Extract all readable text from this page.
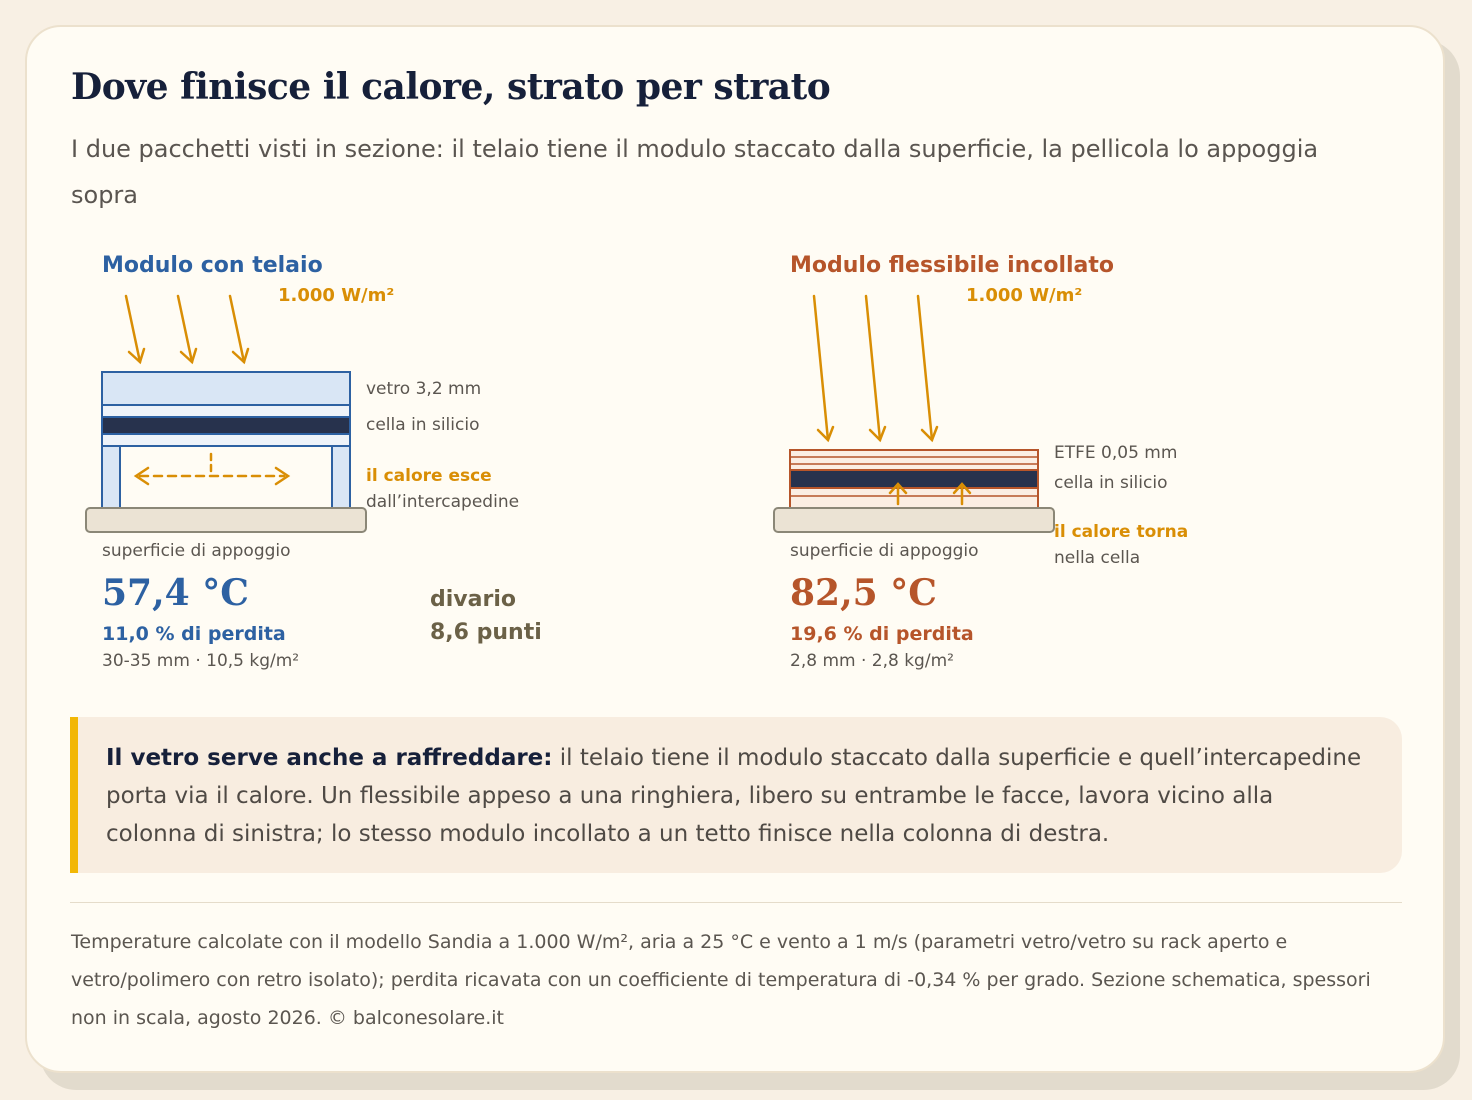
Dove finisce il calore, strato per strato

I due pacchetti visti in sezione: il telaio tiene il modulo staccato dalla superficie, la pellicola lo appoggia sopra

Modulo con telaio
1.000 W/m²
vetro 3,2 mm
cella in silicio
il calore esce
dall’intercapedine
superficie di appoggio
57,4 °C
11,0 % di perdita
30-35 mm · 10,5 kg/m²
divario
8,6 punti
Modulo flessibile incollato
1.000 W/m²
ETFE 0,05 mm
cella in silicio
il calore torna
nella cella
superficie di appoggio
82,5 °C
19,6 % di perdita
2,8 mm · 2,8 kg/m²
Il vetro serve anche a raffreddare: il telaio tiene il modulo staccato dalla superficie e quell’intercapedine porta via il calore. Un flessibile appeso a una ringhiera, libero su entrambe le facce, lavora vicino alla colonna di sinistra; lo stesso modulo incollato a un tetto finisce nella colonna di destra.

Temperature calcolate con il modello Sandia a 1.000 W/m², aria a 25 °C e vento a 1 m/s (parametri vetro/vetro su rack aperto e vetro/polimero con retro isolato); perdita ricavata con un coefficiente di temperatura di -0,34 % per grado. Sezione schematica, spessori non in scala, agosto 2026. © balconesolare.it
